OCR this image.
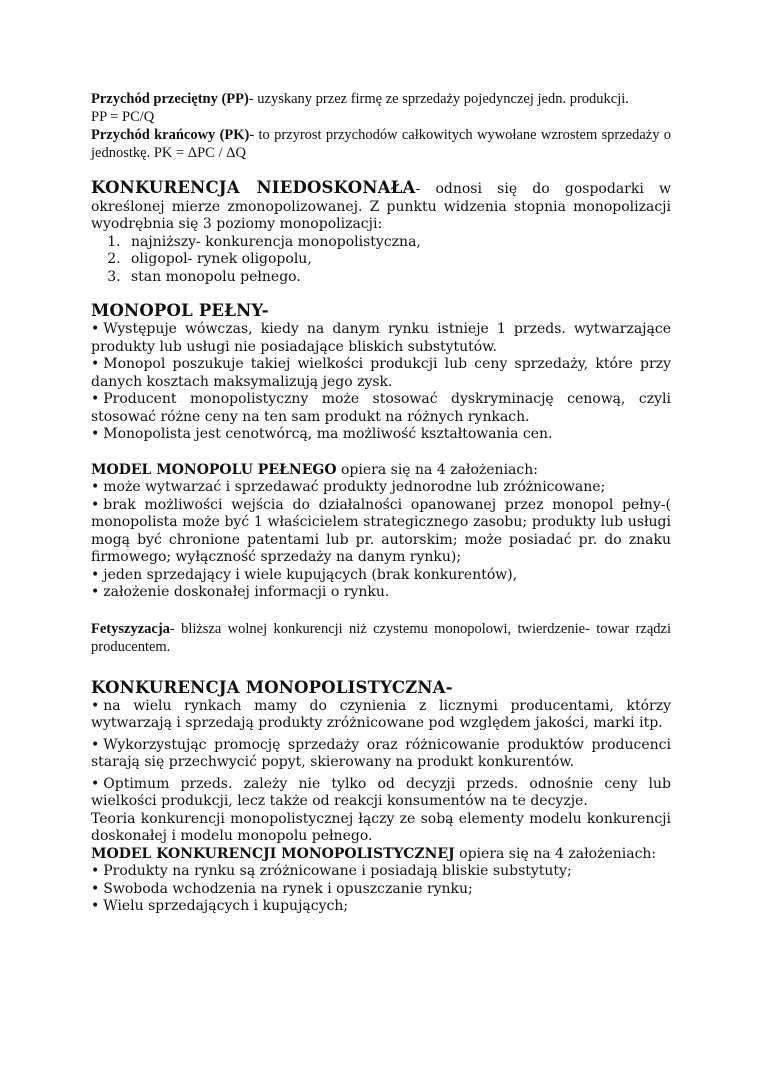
Przychód przeciętny (PP)- uzyskany przez firmę ze sprzedaży pojedynczej jedn. produkcji.

PP = PC/Q

Przychód krańcowy (PK)- to przyrost przychodów całkowitych wywołane wzrostem sprzedaży o jednostkę. PK = ΔPC / ΔQ

KONKURENCJA NIEDOSKONAŁA- odnosi się do gospodarki w określonej mierze zmonopolizowanej. Z punktu widzenia stopnia monopolizacji wyodrębnia się 3 poziomy monopolizacji:

1. najniższy- konkurencja monopolistyczna,
2. oligopol- rynek oligopolu,
3. stan monopolu pełnego.

MONOPOL PEŁNY-

• Występuje wówczas, kiedy na danym rynku istnieje 1 przeds. wytwarzające produkty lub usługi nie posiadające bliskich substytutów.

• Monopol poszukuje takiej wielkości produkcji lub ceny sprzedaży, które przy danych kosztach maksymalizują jego zysk.

• Producent monopolistyczny może stosować dyskryminację cenową, czyli stosować różne ceny na ten sam produkt na różnych rynkach.

• Monopolista jest cenotwórcą, ma możliwość kształtowania cen.

MODEL MONOPOLU PEŁNEGO opiera się na 4 założeniach:

• może wytwarzać i sprzedawać produkty jednorodne lub zróżnicowane;

• brak możliwości wejścia do działalności opanowanej przez monopol pełny-( monopolista może być 1 właścicielem strategicznego zasobu; produkty lub usługi mogą być chronione patentami lub pr. autorskim; może posiadać pr. do znaku firmowego; wyłączność sprzedaży na danym rynku);

• jeden sprzedający i wiele kupujących (brak konkurentów),

• założenie doskonałej informacji o rynku.

Fetyszyzacja- bliższa wolnej konkurencji niż czystemu monopolowi, twierdzenie- towar rządzi producentem.

KONKURENCJA MONOPOLISTYCZNA-

• na wielu rynkach mamy do czynienia z licznymi producentami, którzy wytwarzają i sprzedają produkty zróżnicowane pod względem jakości, marki itp.

• Wykorzystując promocję sprzedaży oraz różnicowanie produktów producenci starają się przechwycić popyt, skierowany na produkt konkurentów.

• Optimum przeds. zależy nie tylko od decyzji przeds. odnośnie ceny lub wielkości produkcji, lecz także od reakcji konsumentów na te decyzje.

Teoria konkurencji monopolistycznej łączy ze sobą elementy modelu konkurencji doskonałej i modelu monopolu pełnego.

MODEL KONKURENCJI MONOPOLISTYCZNEJ opiera się na 4 założeniach:

• Produkty na rynku są zróżnicowane i posiadają bliskie substytuty;

• Swoboda wchodzenia na rynek i opuszczanie rynku;

• Wielu sprzedających i kupujących;
